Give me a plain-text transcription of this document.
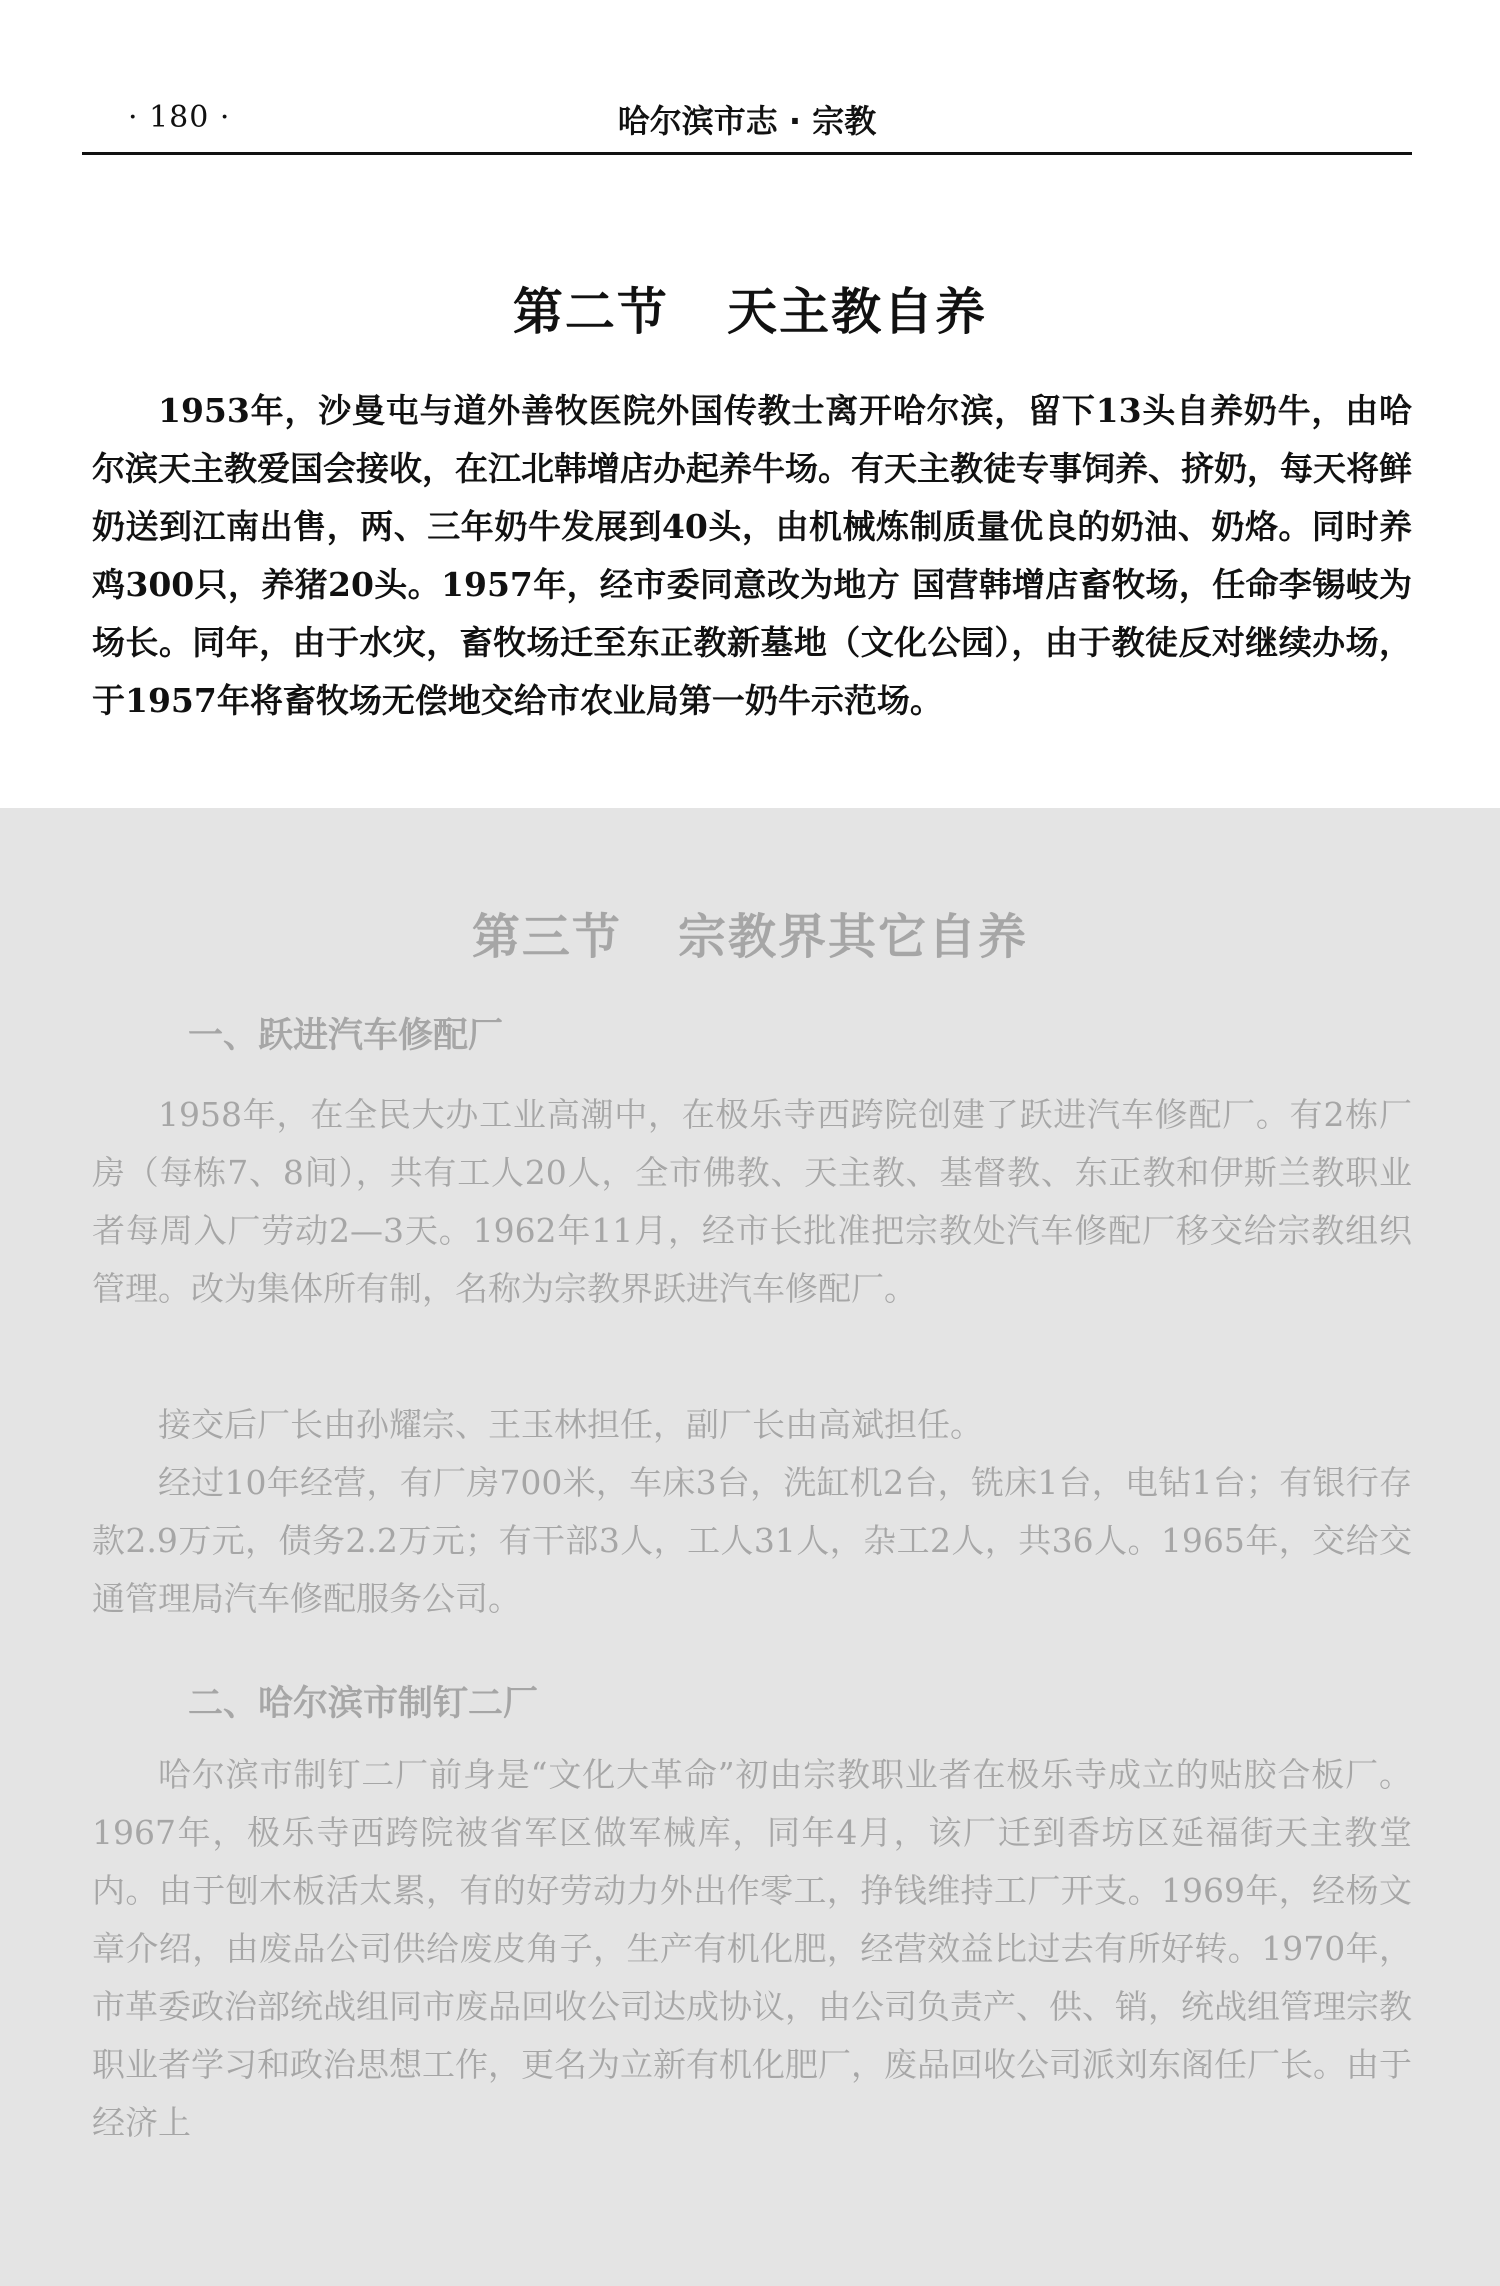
· 180 ·	哈尔滨市志 · 宗教
第二节   天主教自养

1953年，沙曼屯与道外善牧医院外国传教士离开哈尔滨，留下13头自养奶牛，由哈尔滨天主教爱国会接收，在江北韩增店办起养牛场。有天主教徒专事饲养、挤奶，每天将鲜奶送到江南出售，两、三年奶牛发展到40头，由机械炼制质量优良的奶油、奶烙。同时养鸡300只，养猪20头。1957年，经市委同意改为地方 国营韩增店畜牧场，任命李锡岐为场长。同年，由于水灾，畜牧场迁至东正教新墓地（文化公园），由于教徒反对继续办场，于1957年将畜牧场无偿地交给市农业局第一奶牛示范场。

第三节   宗教界其它自养
一、跃进汽车修配厂

1958年，在全民大办工业高潮中，在极乐寺西跨院创建了跃进汽车修配厂。有2栋厂房（每栋7、8间），共有工人20人，全市佛教、天主教、基督教、东正教和伊斯兰教职业者每周入厂劳动2—3天。1962年11月，经市长批准把宗教处汽车修配厂移交给宗教组织管理。改为集体所有制，名称为宗教界跃进汽车修配厂。

接交后厂长由孙耀宗、王玉林担任，副厂长由高斌担任。

经过10年经营，有厂房700米，车床3台，洗缸机2台，铣床1台，电钻1台；有银行存款2.9万元，债务2.2万元；有干部3人，工人31人，杂工2人，共36人。1965年，交给交通管理局汽车修配服务公司。

二、哈尔滨市制钉二厂

哈尔滨市制钉二厂前身是“文化大革命”初由宗教职业者在极乐寺成立的贴胶合板厂。1967年，极乐寺西跨院被省军区做军械库，同年4月，该厂迁到香坊区延福街天主教堂内。由于刨木板活太累，有的好劳动力外出作零工，挣钱维持工厂开支。1969年，经杨文章介绍，由废品公司供给废皮角子，生产有机化肥，经营效益比过去有所好转。1970年，市革委政治部统战组同市废品回收公司达成协议，由公司负责产、供、销，统战组管理宗教职业者学习和政治思想工作，更名为立新有机化肥厂，废品回收公司派刘东阁任厂长。由于经济上
